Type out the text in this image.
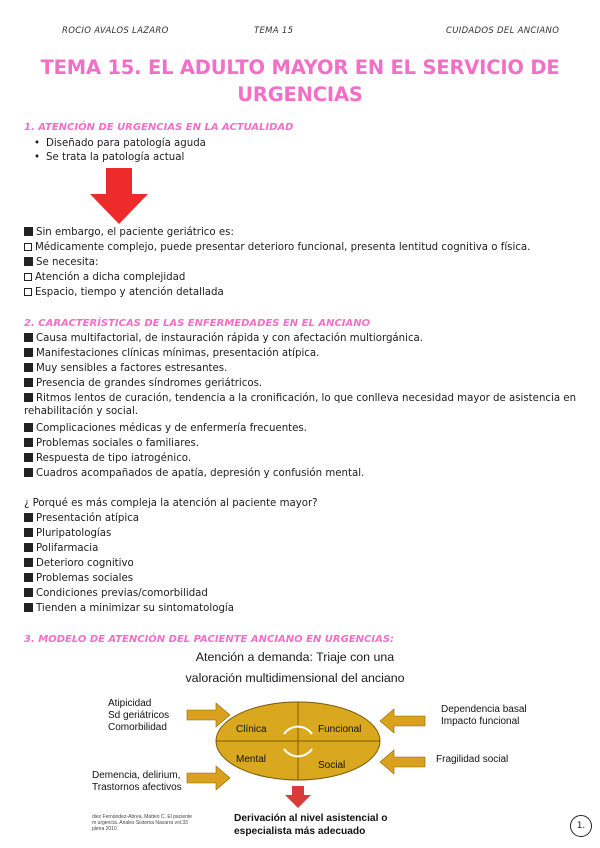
ROCIO AVALOS LAZARO	TEMA 15	CUIDADOS DEL ANCIANO
TEMA 15. EL ADULTO MAYOR EN EL SERVICIO DE URGENCIAS
1. ATENCIÓN DE URGENCIAS EN LA ACTUALIDAD
• Diseñado para patología aguda
• Se trata la patología actual
Sin embargo, el paciente geriátrico es:
Médicamente complejo, puede presentar deterioro funcional, presenta lentitud cognitiva o física.
Se necesita:
Atención a dicha complejidad
Espacio, tiempo y atención detallada
2. CARACTERÍSTICAS DE LAS ENFERMEDADES EN EL ANCIANO
Causa multifactorial, de instauración rápida y con afectación multiorgánica.
Manifestaciones clínicas mínimas, presentación atípica.
Muy sensibles a factores estresantes.
Presencia de grandes síndromes geriátricos.
Ritmos lentos de curación, tendencia a la cronificación, lo que conlleva necesidad mayor de asistencia en rehabilitación y social.
Complicaciones médicas y de enfermería frecuentes.
Problemas sociales o familiares.
Respuesta de tipo iatrogénico.
Cuadros acompañados de apatía, depresión y confusión mental.
¿ Porqué es más compleja la atención al paciente mayor?
Presentación atípica
Pluripatologías
Polifarmacia
Deterioro cognitivo
Problemas sociales
Condiciones previas/comorbilidad
Tienden a minimizar su sintomatología
3. MODELO DE ATENCIÓN DEL PACIENTE ANCIANO EN URGENCIAS:
Atención a demanda: Triaje con una
valoración multidimensional del anciano
Clínica	Funcional
Mental
Social
Atipicidad
Sd geriátricos
Comorbilidad
Demencia, delirium,
Trastornos afectivos
Dependencia basal
Impacto funcional
Fragilidad social
diez Fernández-Abrea, Matteo C. El paciente
m urgencia. Anales Sistema Navarra vol.33
plena 2010
Derivación al nivel asistencial o
especialista más adecuado	1.
